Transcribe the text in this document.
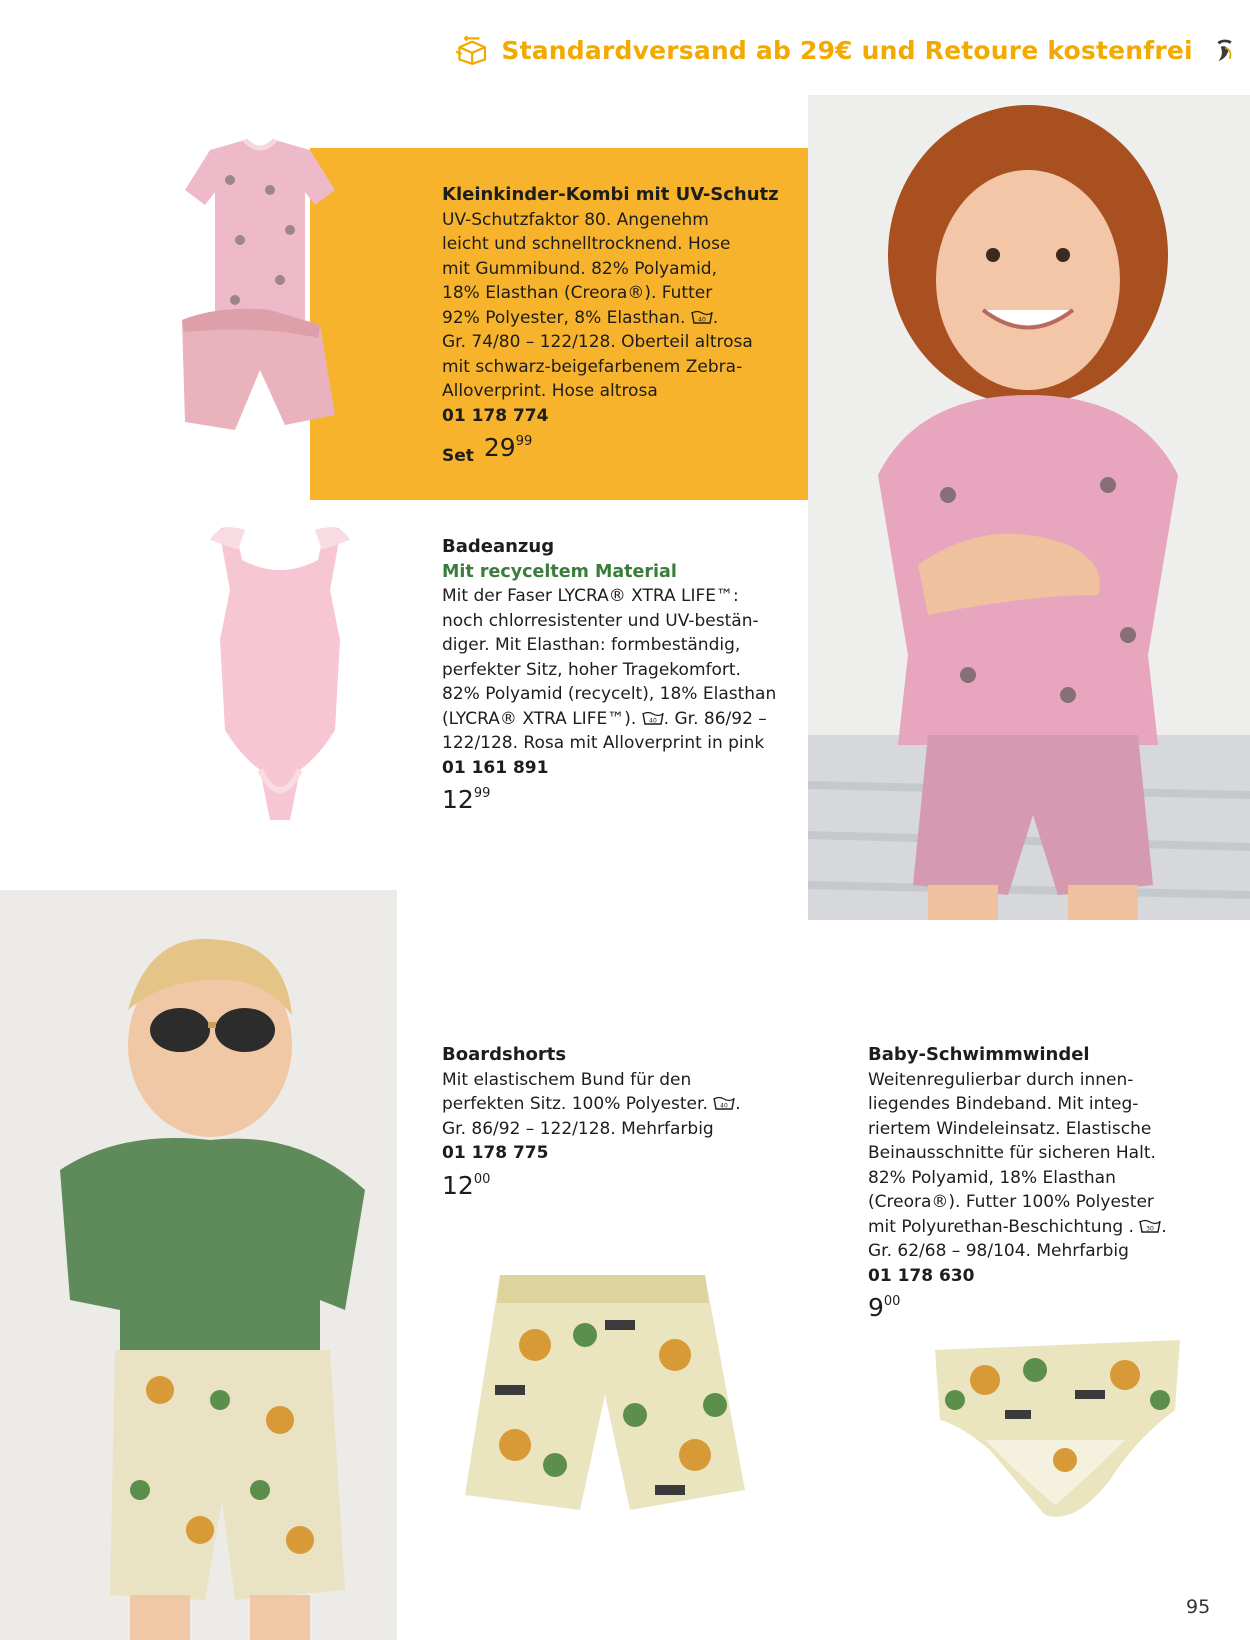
Standardversand ab 29€ und Retoure kostenfrei
Kleinkinder-Kombi mit UV-Schutz
UV-Schutzfaktor 80. Angenehm
leicht und schnelltrocknend. Hose
mit Gummibund. 82% Polyamid,
18% Elasthan (Creora®). Futter
92% Polyester, 8% Elasthan. 40 .
Gr. 74/80 – 122/128. Oberteil altrosa
mit schwarz-beigefarbenem Zebra-
Alloverprint. Hose altrosa
01 178 774
Set 29 99
Badeanzug
Mit recyceltem Material
Mit der Faser LYCRA® XTRA LIFE™:
noch chlorresistenter und UV-bestän-
diger. Mit Elasthan: formbeständig,
perfekter Sitz, hoher Tragekomfort.
82% Polyamid (recycelt), 18% Elasthan
(LYCRA® XTRA LIFE™). 40 . Gr. 86/92 –
122/128. Rosa mit Alloverprint in pink
01 161 891
12 99
Boardshorts
Mit elastischem Bund für den
perfekten Sitz. 100% Polyester. 40 .
Gr. 86/92 – 122/128. Mehrfarbig
01 178 775
12 00
Baby-Schwimmwindel
Weitenregulierbar durch innen-
liegendes Bindeband. Mit integ-
riertem Windeleinsatz. Elastische
Beinausschnitte für sicheren Halt.
82% Polyamid, 18% Elasthan
(Creora®). Futter 100% Polyester
mit Polyurethan-Beschichtung . 30 .
Gr. 62/68 – 98/104. Mehrfarbig
01 178 630
9 00
95
